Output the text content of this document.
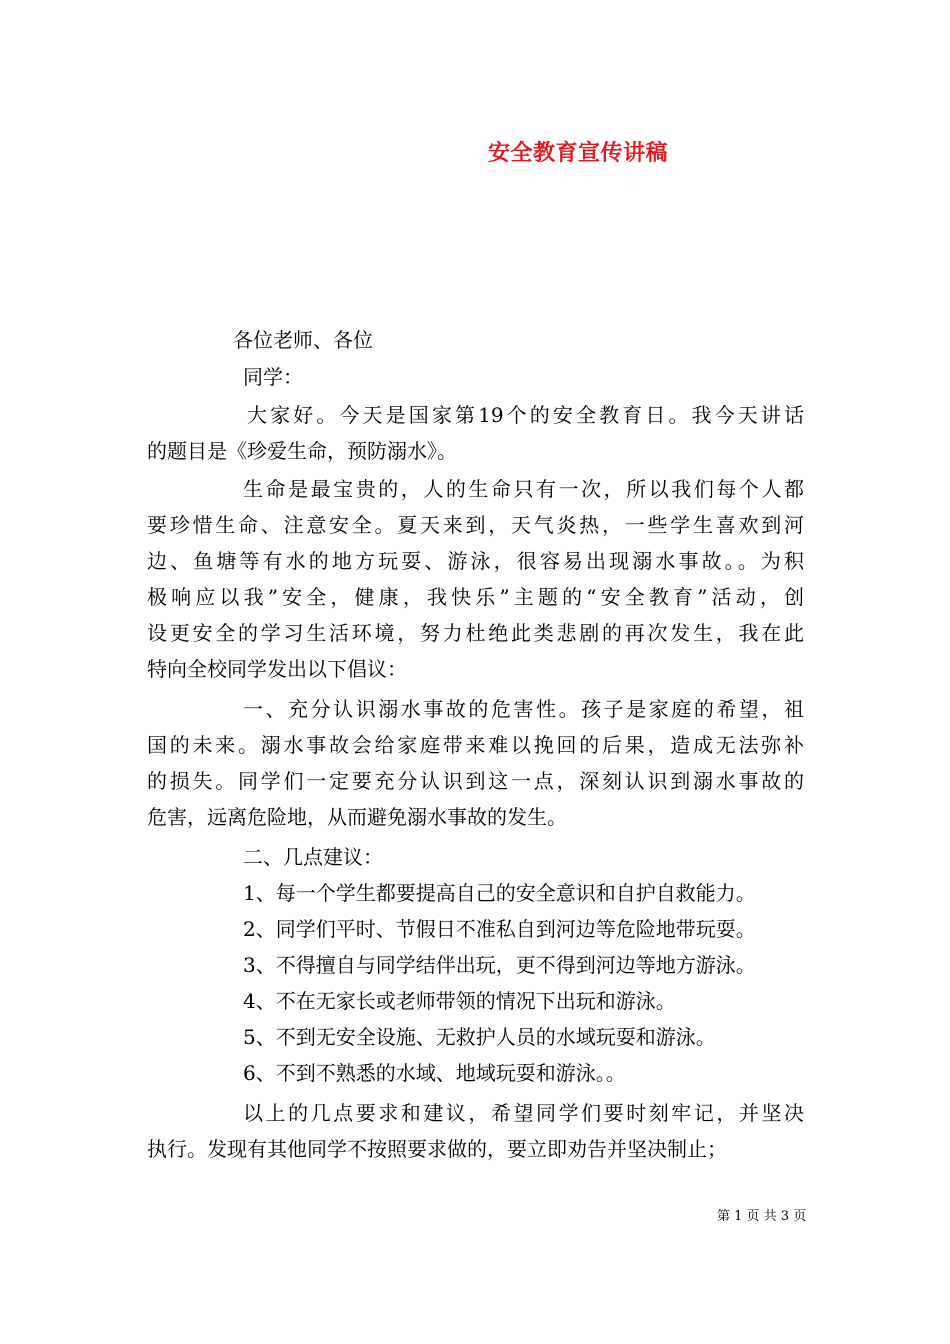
安全教育宣传讲稿
各位老师、各位
同学：
大家好。今天是国家第19个的安全教育日。我今天讲话
的题目是《珍爱生命，预防溺水》。
生命是最宝贵的，人的生命只有一次，所以我们每个人都
要珍惜生命、注意安全。夏天来到，天气炎热，一些学生喜欢到河
边、鱼塘等有水的地方玩耍、游泳，很容易出现溺水事故。。为积
极响应以我”安全，健康，我快乐”主题的“安全教育”活动，创
设更安全的学习生活环境，努力杜绝此类悲剧的再次发生，我在此
特向全校同学发出以下倡议：
一、充分认识溺水事故的危害性。孩子是家庭的希望，祖
国的未来。溺水事故会给家庭带来难以挽回的后果，造成无法弥补
的损失。同学们一定要充分认识到这一点，深刻认识到溺水事故的
危害，远离危险地，从而避免溺水事故的发生。
二、几点建议：
1、每一个学生都要提高自己的安全意识和自护自救能力。
2、同学们平时、节假日不准私自到河边等危险地带玩耍。
3、不得擅自与同学结伴出玩，更不得到河边等地方游泳。
4、不在无家长或老师带领的情况下出玩和游泳。
5、不到无安全设施、无救护人员的水域玩耍和游泳。
6、不到不熟悉的水域、地域玩耍和游泳。。
以上的几点要求和建议，希望同学们要时刻牢记，并坚决
执行。发现有其他同学不按照要求做的，要立即劝告并坚决制止；
第 1 页 共 3 页
